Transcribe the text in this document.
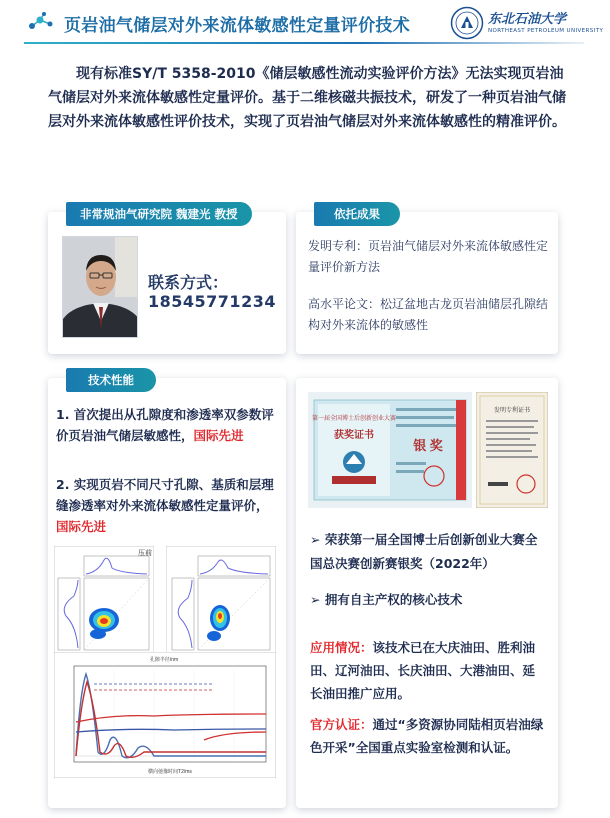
页岩油气储层对外来流体敏感性定量评价技术	东北石油大学
NORTHEAST PETROLEUM UNIVERSITY
现有标准SY/T 5358-2010《储层敏感性流动实验评价方法》无法实现页岩油气储层对外来流体敏感性定量评价。基于二维核磁共振技术，研发了一种页岩油气储层对外来流体敏感性评价技术，实现了页岩油气储层对外来流体敏感性的精准评价。
非常规油气研究院 魏建光 教授
联系方式：
18545771234
依托成果
发明专利：页岩油气储层对外来流体敏感性定量评价新方法
高水平论文：松辽盆地古龙页岩油储层孔隙结构对外来流体的敏感性
技术性能
1. 首次提出从孔隙度和渗透率双参数评价页岩油气储层敏感性，国际先进
2. 实现页岩不同尺寸孔隙、基质和层理缝渗透率对外来流体敏感性定量评价，国际先进
压前
孔隙半径/nm
横向弛豫时间T2/ms
第一届全国博士后创新创业大赛
获奖证书
银 奖
发明专利证书
➢ 荣获第一届全国博士后创新创业大赛全国总决赛创新赛银奖（2022年）
➢ 拥有自主产权的核心技术
应用情况：该技术已在大庆油田、胜利油田、辽河油田、长庆油田、大港油田、延长油田推广应用。
官方认证：通过“多资源协同陆相页岩油绿色开采”全国重点实验室检测和认证。
